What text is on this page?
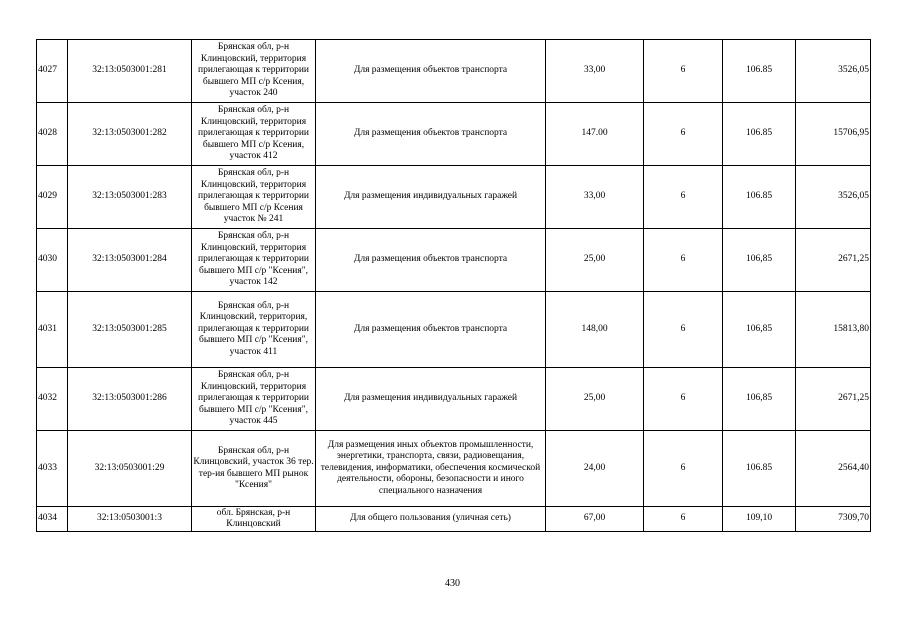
4027	32:13:0503001:281	Брянская обл, р-н Клинцовский, территория прилегающая к территории бывшего МП с/р Ксения, участок 240	Для размещения объектов транспорта	33,00	6	106.85	3526,05
4028	32:13:0503001:282	Брянская обл, р-н Клинцовский, территория прилегающая к территории бывшего МП с/р Ксения, участок 412	Для размещения объектов транспорта	147.00	6	106.85	15706,95
4029	32:13:0503001:283	Брянская обл, р-н Клинцовский, территория прилегающая к территории бывшего МП с/р Ксения участок № 241	Для размещения индивидуальных гаражей	33,00	6	106.85	3526,05
4030	32:13:0503001:284	Брянская обл, р-н Клинцовский, территория прилегающая к территории бывшего МП с/р "Ксения", участок 142	Для размещения объектов транспорта	25,00	6	106,85	2671,25
4031	32:13:0503001:285	Брянская обл, р-н Клинцовский, территория, прилегающая к территории бывшего МП с/р "Ксения", участок 411	Для размещения объектов транспорта	148,00	6	106,85	15813,80
4032	32:13:0503001:286	Брянская обл, р-н Клинцовский, территория прилегающая к территории бывшего МП с/р "Ксения", участок 445	Для размещения индивидуальных гаражей	25,00	6	106,85	2671,25
4033	32:13:0503001:29	Брянская обл, р-н Клинцовский, участок 36 тер. тер-ия бывшего МП рынок "Ксения"	Для размещения иных объектов промышленности, энергетики, транспорта, связи, радиовещания, телевидения, информатики, обеспечения космической деятельности, обороны, безопасности и иного специального назначения	24,00	6	106.85	2564,40
4034	32:13:0503001:3	обл. Брянская, р-н Клинцовский	Для общего пользования (уличная сеть)	67,00	6	109,10	7309,70
430
